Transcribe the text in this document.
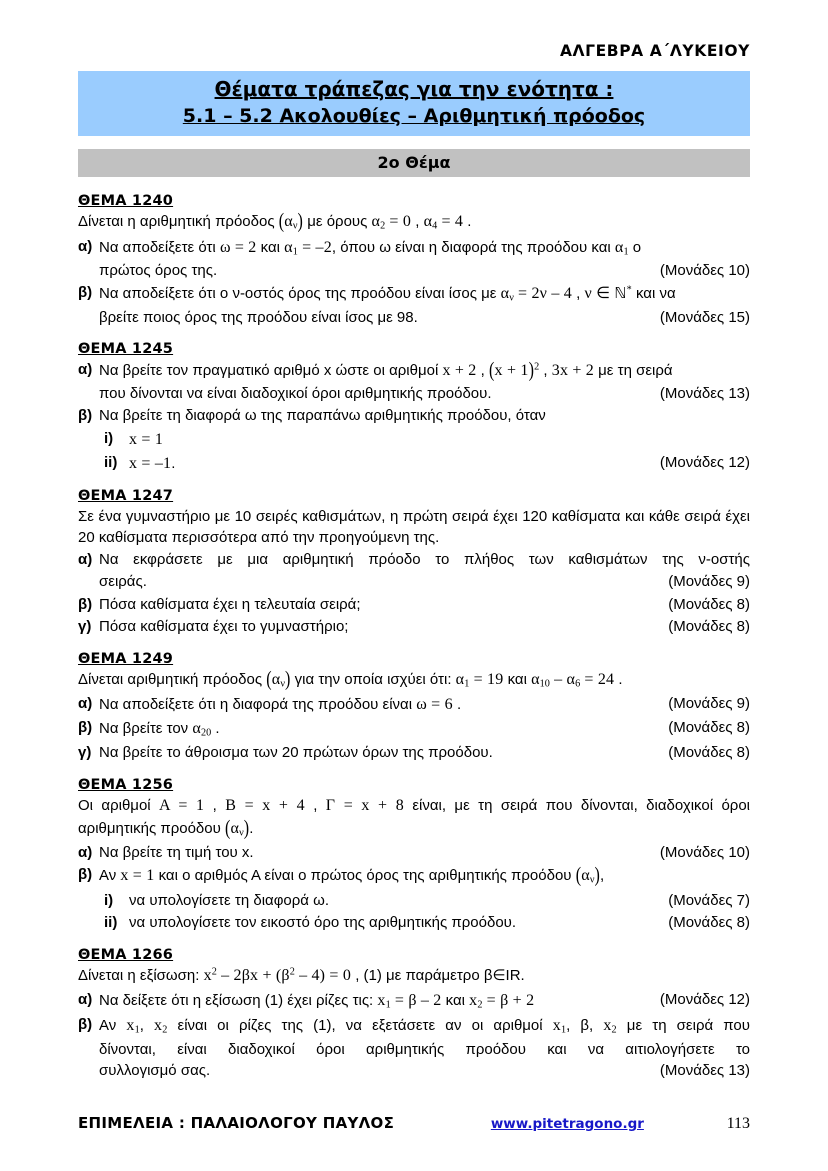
ΑΛΓΕΒΡΑ Α΄ΛΥΚΕΙΟΥ
Θέματα τράπεζας για την ενότητα :
5.1 – 5.2 Ακολουθίες – Αριθμητική πρόοδος
2ο Θέμα
ΘΕΜΑ 1240
Δίνεται η αριθμητική πρόοδος $(\alpha_\nu)$ με όρους $\alpha_2 = 0$ , $\alpha_4 = 4$ .
α) Να αποδείξετε ότι ω = 2 και $\alpha_1 = -2$, όπου ω είναι η διαφορά της προόδου και $\alpha_1$ ο
πρώτος όρος της.	(Μονάδες 10)
β) Να αποδείξετε ότι ο ν-οστός όρος της προόδου είναι ίσος με $\alpha_\nu = 2\nu - 4$ , ν ∈ ℕ* και να
βρείτε ποιος όρος της προόδου είναι ίσος με 98.	(Μονάδες 15)
ΘΕΜΑ 1245
α) Να βρείτε τον πραγματικό αριθμό x ώστε οι αριθμοί x + 2 , $(x + 1)^2$ , 3x + 2 με τη σειρά
που δίνονται να είναι διαδοχικοί όροι αριθμητικής προόδου.	(Μονάδες 13)
β) Να βρείτε τη διαφορά ω της παραπάνω αριθμητικής προόδου, όταν
i) x = 1
ii) x = –1.	(Μονάδες 12)
ΘΕΜΑ 1247
Σε ένα γυμναστήριο με 10 σειρές καθισμάτων, η πρώτη σειρά έχει 120 καθίσματα και κάθε σειρά έχει 20 καθίσματα περισσότερα από την προηγούμενη της.
α) Να εκφράσετε με μια αριθμητική πρόοδο το πλήθος των καθισμάτων της ν-οστής
σειράς.	(Μονάδες 9)
β) Πόσα καθίσματα έχει η τελευταία σειρά;	(Μονάδες 8)
γ) Πόσα καθίσματα έχει το γυμναστήριο;	(Μονάδες 8)
ΘΕΜΑ 1249
Δίνεται αριθμητική πρόοδος $(\alpha_\nu)$ για την οποία ισχύει ότι: $\alpha_1 = 19$ και $\alpha_{10} - \alpha_6 = 24$ .
α) Να αποδείξετε ότι η διαφορά της προόδου είναι ω = 6 .	(Μονάδες 9)
β) Να βρείτε τον $\alpha_{20}$ .	(Μονάδες 8)
γ) Να βρείτε το άθροισμα των 20 πρώτων όρων της προόδου.	(Μονάδες 8)
ΘΕΜΑ 1256
Οι αριθμοί Α = 1 , Β = x + 4 , Γ = x + 8 είναι, με τη σειρά που δίνονται, διαδοχικοί όροι
αριθμητικής προόδου $(\alpha_\nu)$.
α) Να βρείτε τη τιμή του x.	(Μονάδες 10)
β) Αν x = 1 και ο αριθμός Α είναι ο πρώτος όρος της αριθμητικής προόδου $(\alpha_\nu)$,
i)	να υπολογίσετε τη διαφορά ω.	(Μονάδες 7)
ii) να υπολογίσετε τον εικοστό όρο της αριθμητικής προόδου.	(Μονάδες 8)
ΘΕΜΑ 1266
Δίνεται η εξίσωση: $x^2 - 2\beta x + (\beta^2 - 4) = 0$ , (1) με παράμετρο β∈IR.
α) Να δείξετε ότι η εξίσωση (1) έχει ρίζες τις: $x_1 = \beta - 2$ και $x_2 = \beta + 2$	(Μονάδες 12)
β) Αν $x_1$, $x_2$ είναι οι ρίζες της (1), να εξετάσετε αν οι αριθμοί $x_1$, β, $x_2$ με τη σειρά που
δίνονται, είναι διαδοχικοί όροι αριθμητικής προόδου και να αιτιολογήσετε το
συλλογισμό σας.	(Μονάδες 13)
ΕΠΙΜΕΛΕΙΑ : ΠΑΛΑΙΟΛΟΓΟΥ ΠΑΥΛΟΣ	www.pitetragono.gr	113
